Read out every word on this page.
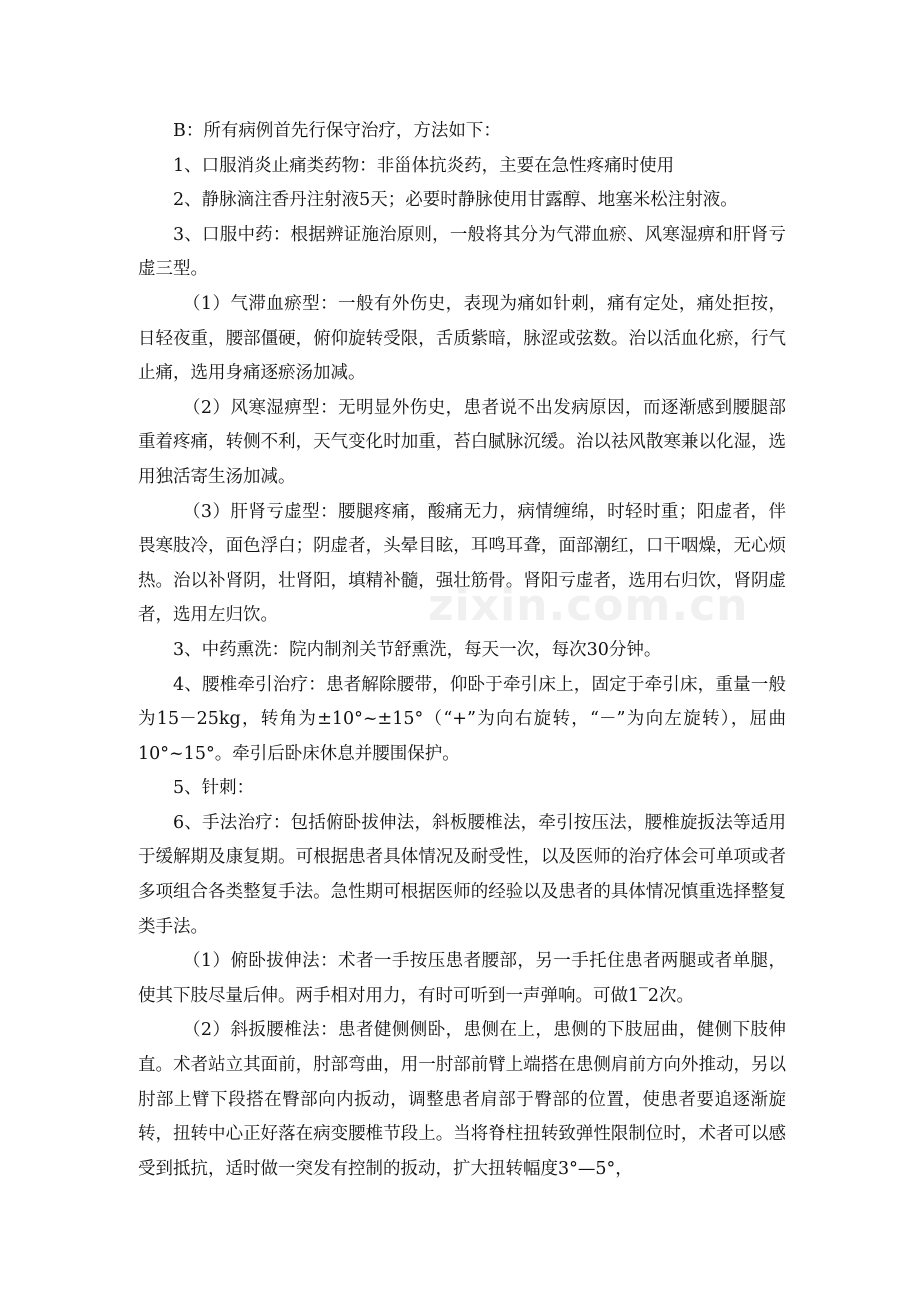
B：所有病例首先行保守治疗，方法如下：

1、口服消炎止痛类药物：非甾体抗炎药，主要在急性疼痛时使用

2、静脉滴注香丹注射液5天；必要时静脉使用甘露醇、地塞米松注射液。

3、口服中药：根据辨证施治原则，一般将其分为气滞血瘀、风寒湿痹和肝肾亏虚三型。

（1）气滞血瘀型：一般有外伤史，表现为痛如针刺，痛有定处，痛处拒按，日轻夜重，腰部僵硬，俯仰旋转受限，舌质紫暗，脉涩或弦数。治以活血化瘀，行气止痛，选用身痛逐瘀汤加减。

（2）风寒湿痹型：无明显外伤史，患者说不出发病原因，而逐渐感到腰腿部重着疼痛，转侧不利，天气变化时加重，苔白腻脉沉缓。治以祛风散寒兼以化湿，选用独活寄生汤加减。

（3）肝肾亏虚型：腰腿疼痛，酸痛无力，病情缠绵，时轻时重；阳虚者，伴畏寒肢冷，面色浮白；阴虚者，头晕目眩，耳鸣耳聋，面部潮红，口干咽燥，无心烦热。治以补肾阴，壮肾阳，填精补髓，强壮筋骨。肾阳亏虚者，选用右归饮，肾阴虚者，选用左归饮。

3、中药熏洗：院内制剂关节舒熏洗，每天一次，每次30分钟。

4、腰椎牵引治疗：患者解除腰带，仰卧于牵引床上，固定于牵引床，重量一般为15－25kg，转角为±10°~±15°（“+”为向右旋转，“－”为向左旋转），屈曲10°~15°。牵引后卧床休息并腰围保护。

5、针刺：

6、手法治疗：包括俯卧拔伸法，斜板腰椎法，牵引按压法，腰椎旋扳法等适用于缓解期及康复期。可根据患者具体情况及耐受性，以及医师的治疗体会可单项或者多项组合各类整复手法。急性期可根据医师的经验以及患者的具体情况慎重选择整复类手法。

（1）俯卧拔伸法：术者一手按压患者腰部，另一手托住患者两腿或者单腿，使其下肢尽量后伸。两手相对用力，有时可听到一声弹响。可做1‾2次。

（2）斜扳腰椎法：患者健侧侧卧，患侧在上，患侧的下肢屈曲，健侧下肢伸直。术者站立其面前，肘部弯曲，用一肘部前臂上端搭在患侧肩前方向外推动，另以肘部上臂下段搭在臀部向内扳动，调整患者肩部于臀部的位置，使患者要追逐渐旋转，扭转中心正好落在病变腰椎节段上。当将脊柱扭转致弹性限制位时，术者可以感受到抵抗，适时做一突发有控制的扳动，扩大扭转幅度3°—5°，

zixin.com.cn
